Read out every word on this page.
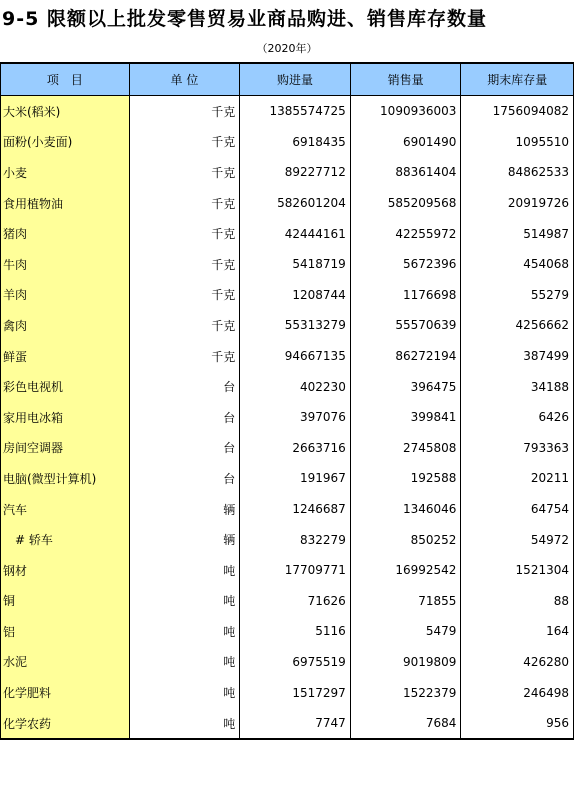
9-5 限额以上批发零售贸易业商品购进、销售库存数量
（2020年）
项　目	单 位	购进量	销售量	期末库存量
大米(稻米)	千克	1385574725	1090936003	1756094082
面粉(小麦面)	千克	6918435	6901490	1095510
小麦	千克	89227712	88361404	84862533
食用植物油	千克	582601204	585209568	20919726
猪肉	千克	42444161	42255972	514987
牛肉	千克	5418719	5672396	454068
羊肉	千克	1208744	1176698	55279
禽肉	千克	55313279	55570639	4256662
鲜蛋	千克	94667135	86272194	387499
彩色电视机	台	402230	396475	34188
家用电冰箱	台	397076	399841	6426
房间空调器	台	2663716	2745808	793363
电脑(微型计算机)	台	191967	192588	20211
汽车	辆	1246687	1346046	64754
　# 轿车	辆	832279	850252	54972
钢材	吨	17709771	16992542	1521304
铜	吨	71626	71855	88
铝	吨	5116	5479	164
水泥	吨	6975519	9019809	426280
化学肥料	吨	1517297	1522379	246498
化学农药	吨	7747	7684	956
